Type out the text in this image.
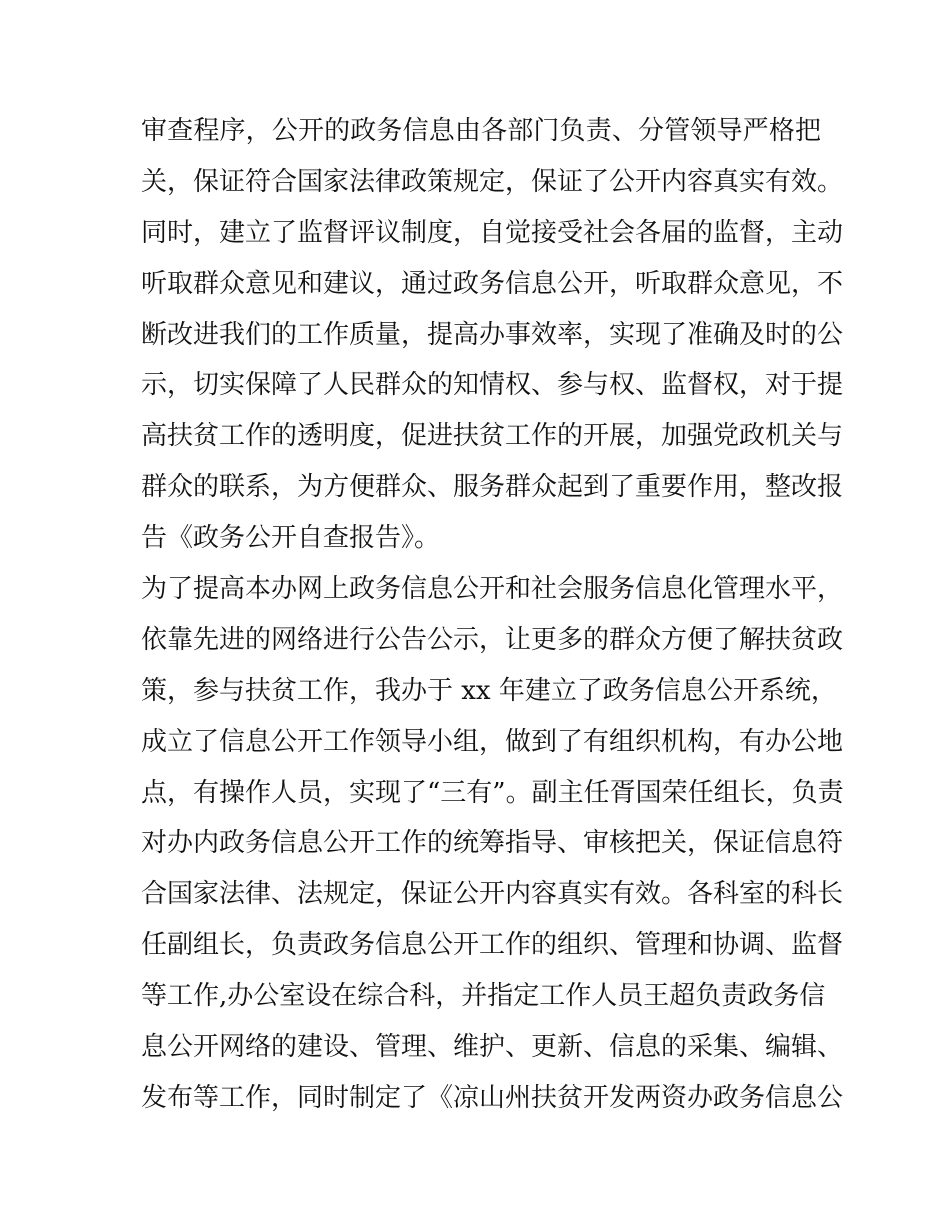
审查程序，公开的政务信息由各部门负责、分管领导严格把
关，保证符合国家法律政策规定，保证了公开内容真实有效。
同时，建立了监督评议制度，自觉接受社会各届的监督，主动
听取群众意见和建议，通过政务信息公开，听取群众意见，不
断改进我们的工作质量，提高办事效率，实现了准确及时的公
示，切实保障了人民群众的知情权、参与权、监督权，对于提
高扶贫工作的透明度，促进扶贫工作的开展，加强党政机关与
群众的联系，为方便群众、服务群众起到了重要作用，整改报
告《政务公开自查报告》。
为了提高本办网上政务信息公开和社会服务信息化管理水平，
依靠先进的网络进行公告公示，让更多的群众方便了解扶贫政
策，参与扶贫工作，我办于 xx 年建立了政务信息公开系统，
成立了信息公开工作领导小组，做到了有组织机构，有办公地
点，有操作人员，实现了“三有”。副主任胥国荣任组长，负责
对办内政务信息公开工作的统筹指导、审核把关，保证信息符
合国家法律、法规定，保证公开内容真实有效。各科室的科长
任副组长，负责政务信息公开工作的组织、管理和协调、监督
等工作,办公室设在综合科，并指定工作人员王超负责政务信
息公开网络的建设、管理、维护、更新、信息的采集、编辑、
发布等工作，同时制定了《凉山州扶贫开发两资办政务信息公
